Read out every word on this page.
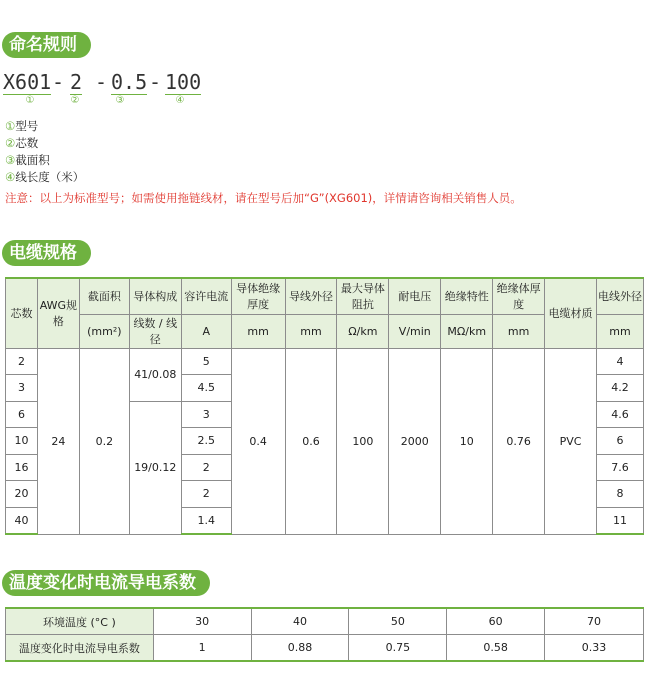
命名规则
X601 - 2 - 0.5 - 100
①	②	③	④
①型号
②芯数
③截面积
④线长度（米）
注意：以上为标准型号；如需使用拖链线材，请在型号后加“G”(XG601)，详情请咨询相关销售人员。
电缆规格
芯数	AWG规格	截面积	导体构成	容许电流	导体绝缘厚度	导线外径	最大导体阻抗	耐电压	绝缘特性	绝缘体厚度	电缆材质	电线外径
		(mm²)	线数 / 线径	A	mm	mm	Ω/km	V/min	MΩ/km	mm		mm
2	24	0.2	41/0.08	5	0.4	0.6	100	2000	10	0.76	PVC	4
3				4.5								4.2
6			19/0.12	3								4.6
10				2.5								6
16				2								7.6
20				2								8
40				1.4								11
温度变化时电流导电系数
环境温度 (°C )	30	40	50	60	70
温度变化时电流导电系数	1	0.88	0.75	0.58	0.33
